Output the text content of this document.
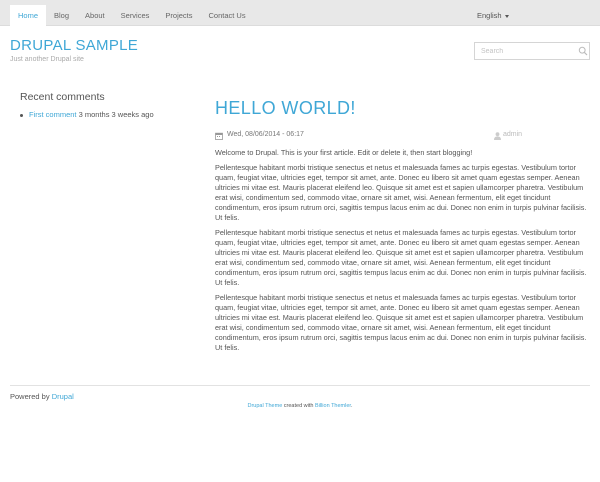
Home	Blog	About	Services	Projects	Contact Us	English
DRUPAL SAMPLE
Just another Drupal site
Search
Recent comments
First comment 3 months 3 weeks ago	HELLO WORLD!
Wed, 08/06/2014 - 06:17	admin

Welcome to Drupal. This is your first article. Edit or delete it, then start blogging!

Pellentesque habitant morbi tristique senectus et netus et malesuada fames ac turpis egestas. Vestibulum tortor quam, feugiat vitae, ultricies eget, tempor sit amet, ante. Donec eu libero sit amet quam egestas semper. Aenean ultricies mi vitae est. Mauris placerat eleifend leo. Quisque sit amet est et sapien ullamcorper pharetra. Vestibulum erat wisi, condimentum sed, commodo vitae, ornare sit amet, wisi. Aenean fermentum, elit eget tincidunt condimentum, eros ipsum rutrum orci, sagittis tempus lacus enim ac dui. Donec non enim in turpis pulvinar facilisis. Ut felis.

Pellentesque habitant morbi tristique senectus et netus et malesuada fames ac turpis egestas. Vestibulum tortor quam, feugiat vitae, ultricies eget, tempor sit amet, ante. Donec eu libero sit amet quam egestas semper. Aenean ultricies mi vitae est. Mauris placerat eleifend leo. Quisque sit amet est et sapien ullamcorper pharetra. Vestibulum erat wisi, condimentum sed, commodo vitae, ornare sit amet, wisi. Aenean fermentum, elit eget tincidunt condimentum, eros ipsum rutrum orci, sagittis tempus lacus enim ac dui. Donec non enim in turpis pulvinar facilisis. Ut felis.

Pellentesque habitant morbi tristique senectus et netus et malesuada fames ac turpis egestas. Vestibulum tortor quam, feugiat vitae, ultricies eget, tempor sit amet, ante. Donec eu libero sit amet quam egestas semper. Aenean ultricies mi vitae est. Mauris placerat eleifend leo. Quisque sit amet est et sapien ullamcorper pharetra. Vestibulum erat wisi, condimentum sed, commodo vitae, ornare sit amet, wisi. Aenean fermentum, elit eget tincidunt condimentum, eros ipsum rutrum orci, sagittis tempus lacus enim ac dui. Donec non enim in turpis pulvinar facilisis. Ut felis.

Powered by Drupal
Drupal Theme created with Billion Themler.
